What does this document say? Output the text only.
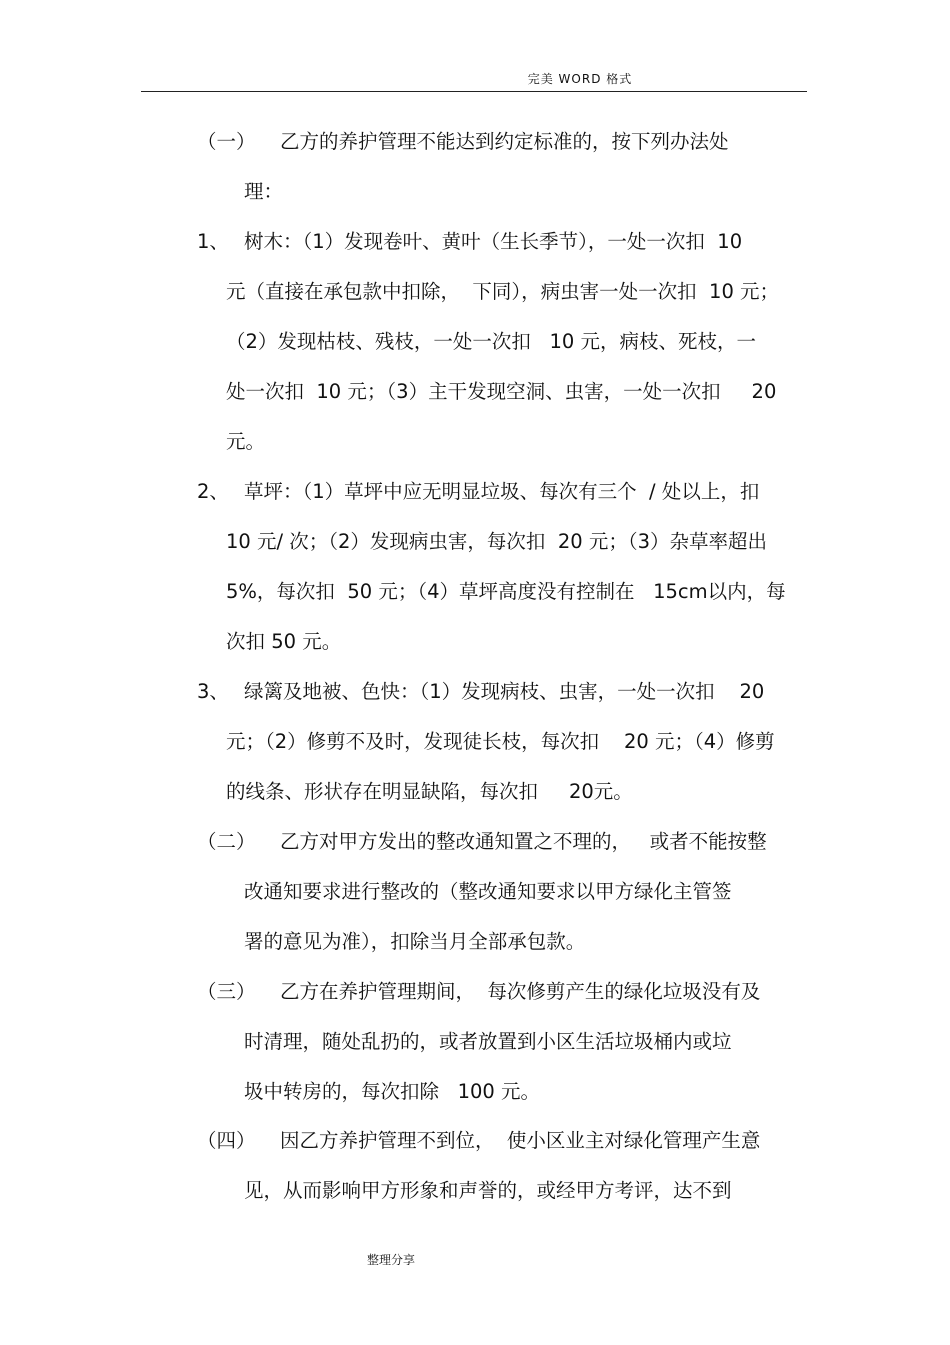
完美 WORD 格式
（一） 乙方的养护管理不能达到约定标准的，按下列办法处
理：
1、 树木：（1）发现卷叶、黄叶（生长季节），一处一次扣  10
元（直接在承包款中扣除，  下同），病虫害一处一次扣  10 元；
（2）发现枯枝、残枝，一处一次扣   10 元，病枝、死枝，一
处一次扣  10 元；（3）主干发现空洞、虫害，一处一次扣     20
元。
2、 草坪：（1）草坪中应无明显垃圾、每次有三个  / 处以上，扣
10 元/ 次；（2）发现病虫害，每次扣  20 元；（3）杂草率超出
5%，每次扣  50 元；（4）草坪高度没有控制在   15cm以内，每
次扣 50 元。
3、 绿篱及地被、色快：（1）发现病枝、虫害，一处一次扣    20
元；（2）修剪不及时，发现徒长枝，每次扣    20 元；（4）修剪
的线条、形状存在明显缺陷，每次扣     20元。
（二） 乙方对甲方发出的整改通知置之不理的，   或者不能按整
改通知要求进行整改的（整改通知要求以甲方绿化主管签
署的意见为准），扣除当月全部承包款。
（三） 乙方在养护管理期间，  每次修剪产生的绿化垃圾没有及
时清理，随处乱扔的，或者放置到小区生活垃圾桶内或垃
圾中转房的，每次扣除   100 元。
（四） 因乙方养护管理不到位，  使小区业主对绿化管理产生意
见，从而影响甲方形象和声誉的，或经甲方考评，达不到
整理分享
